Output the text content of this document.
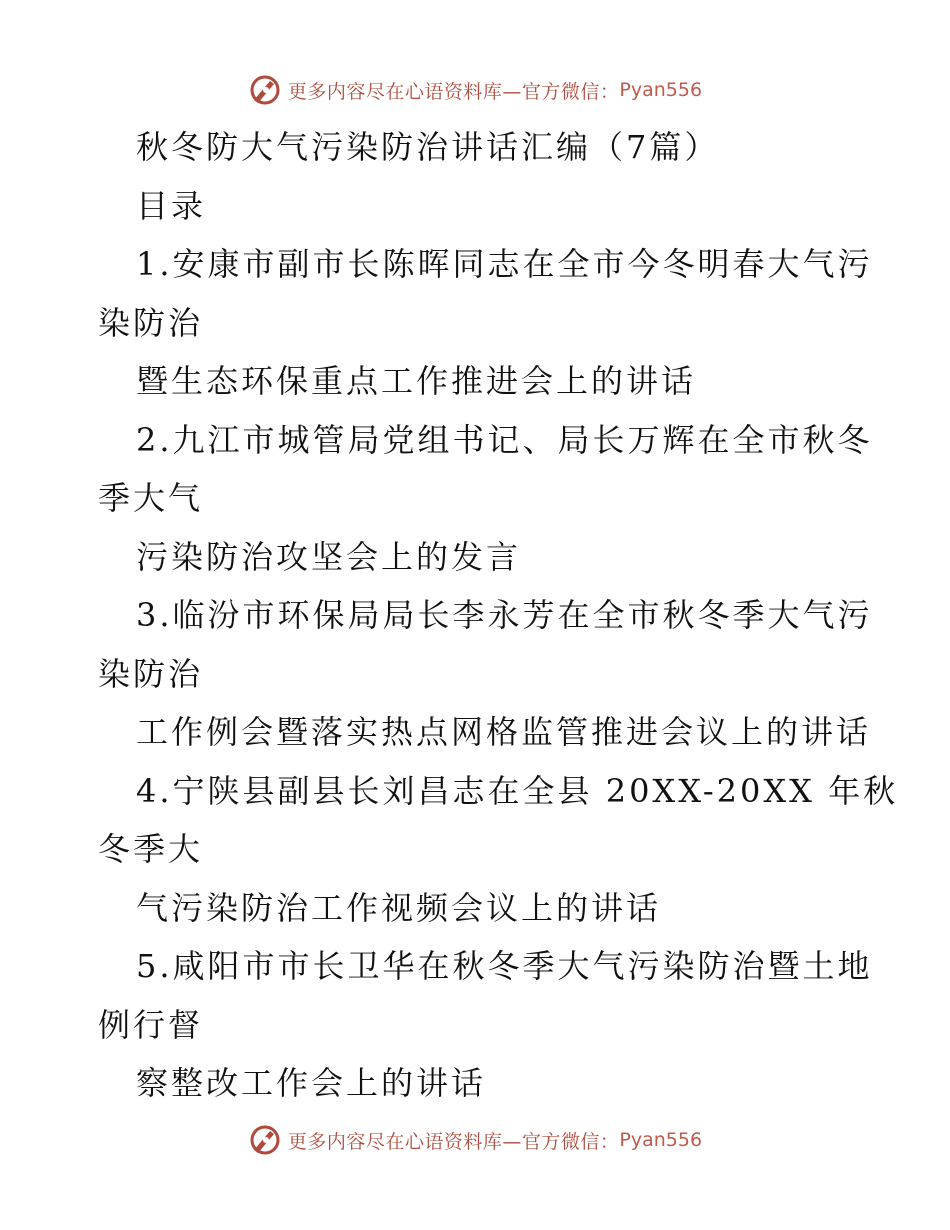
更多内容尽在心语资料库—官方微信： Pyan556
秋冬防大气污染防治讲话汇编（7篇）
目录
1.安康市副市长陈晖同志在全市今冬明春大气污
染防治
暨生态环保重点工作推进会上的讲话
2.九江市城管局党组书记、局长万辉在全市秋冬
季大气
污染防治攻坚会上的发言
3.临汾市环保局局长李永芳在全市秋冬季大气污
染防治
工作例会暨落实热点网格监管推进会议上的讲话
4.宁陕县副县长刘昌志在全县 20XX-20XX 年秋
冬季大
气污染防治工作视频会议上的讲话
5.咸阳市市长卫华在秋冬季大气污染防治暨土地
例行督
察整改工作会上的讲话
更多内容尽在心语资料库—官方微信： Pyan556
